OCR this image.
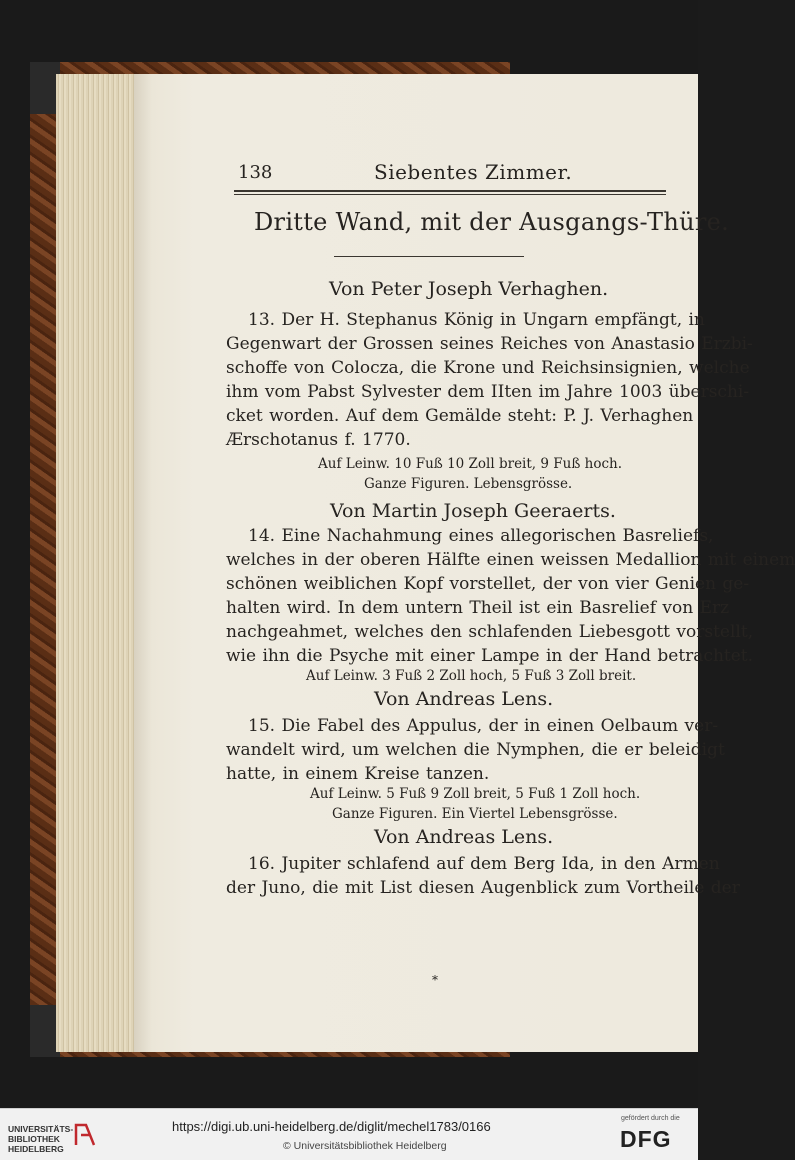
138	Siebentes Zimmer.
Dritte Wand, mit der Ausgangs-Thüre.
Von Peter Joseph Verhaghen.
13. Der H. Stephanus König in Ungarn empfängt, in
Gegenwart der Grossen seines Reiches von Anastasio Erzbi-
schoffe von Colocza, die Krone und Reichsinsignien, welche
ihm vom Pabst Sylvester dem IIten im Jahre 1003 überschi-
cket worden. Auf dem Gemälde steht: P. J. Verhaghen
Ærschotanus f. 1770.
Auf Leinw. 10 Fuß 10 Zoll breit, 9 Fuß hoch.
Ganze Figuren. Lebensgrösse.
Von Martin Joseph Geeraerts.
14. Eine Nachahmung eines allegorischen Basreliefs,
welches in der oberen Hälfte einen weissen Medallion mit einem
schönen weiblichen Kopf vorstellet, der von vier Genien ge-
halten wird. In dem untern Theil ist ein Basrelief von Erz
nachgeahmet, welches den schlafenden Liebesgott vorstellt,
wie ihn die Psyche mit einer Lampe in der Hand betrachtet.
Auf Leinw. 3 Fuß 2 Zoll hoch, 5 Fuß 3 Zoll breit.
Von Andreas Lens.
15. Die Fabel des Appulus, der in einen Oelbaum ver-
wandelt wird, um welchen die Nymphen, die er beleidigt
hatte, in einem Kreise tanzen.
Auf Leinw. 5 Fuß 9 Zoll breit, 5 Fuß 1 Zoll hoch.
Ganze Figuren. Ein Viertel Lebensgrösse.
Von Andreas Lens.
16. Jupiter schlafend auf dem Berg Ida, in den Armen
der Juno, die mit List diesen Augenblick zum Vortheile der
*
UNIVERSITÄTS-
BIBLIOTHEK
HEIDELBERG
https://digi.ub.uni-heidelberg.de/diglit/mechel1783/0166
© Universitätsbibliothek Heidelberg
gefördert durch die
DFG
